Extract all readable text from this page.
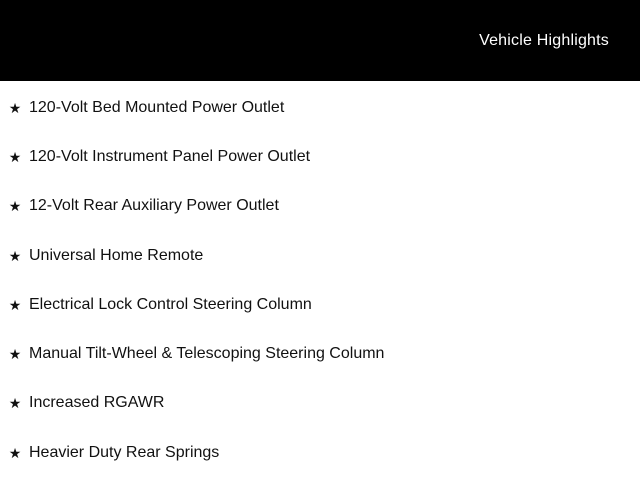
Vehicle Highlights
★ 120-Volt Bed Mounted Power Outlet
★ 120-Volt Instrument Panel Power Outlet
★ 12-Volt Rear Auxiliary Power Outlet
★ Universal Home Remote
★ Electrical Lock Control Steering Column
★ Manual Tilt-Wheel & Telescoping Steering Column
★ Increased RGAWR
★ Heavier Duty Rear Springs
